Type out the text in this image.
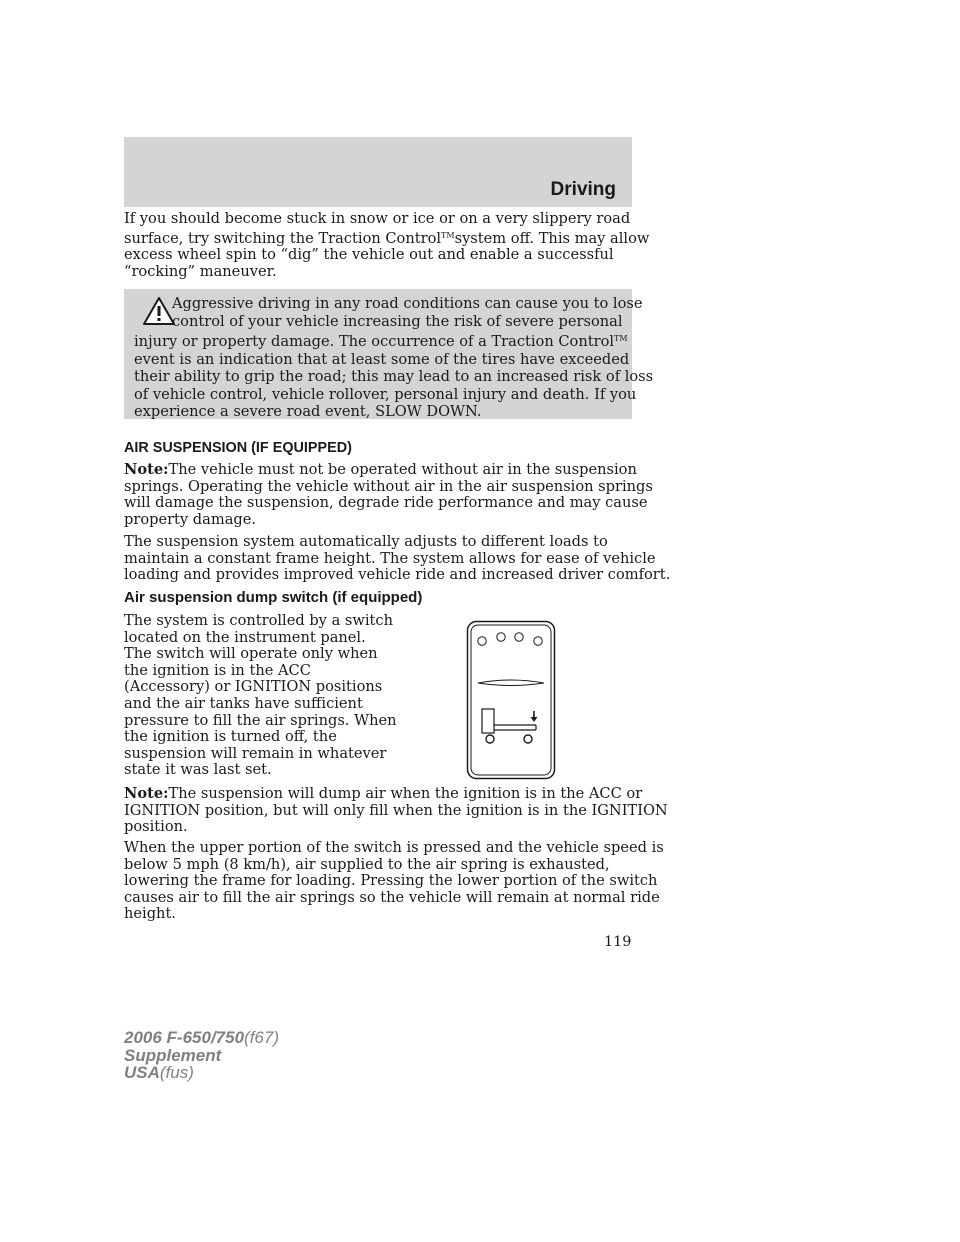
Driving

If you should become stuck in snow or ice or on a very slippery road
surface, try switching the Traction Control™system off. This may allow
excess wheel spin to “dig” the vehicle out and enable a successful
“rocking” maneuver.

Aggressive driving in any road conditions can cause you to lose
control of your vehicle increasing the risk of severe personal
injury or property damage. The occurrence of a Traction Control™
event is an indication that at least some of the tires have exceeded
their ability to grip the road; this may lead to an increased risk of loss
of vehicle control, vehicle rollover, personal injury and death. If you
experience a severe road event, SLOW DOWN.
AIR SUSPENSION (IF EQUIPPED)

Note:The vehicle must not be operated without air in the suspension
springs. Operating the vehicle without air in the air suspension springs
will damage the suspension, degrade ride performance and may cause
property damage.

The suspension system automatically adjusts to different loads to
maintain a constant frame height. The system allows for ease of vehicle
loading and provides improved vehicle ride and increased driver comfort.

Air suspension dump switch (if equipped)

The system is controlled by a switch
located on the instrument panel.
The switch will operate only when
the ignition is in the ACC
(Accessory) or IGNITION positions
and the air tanks have sufficient
pressure to fill the air springs. When
the ignition is turned off, the
suspension will remain in whatever
state it was last set.

Note:The suspension will dump air when the ignition is in the ACC or
IGNITION position, but will only fill when the ignition is in the IGNITION
position.

When the upper portion of the switch is pressed and the vehicle speed is
below 5 mph (8 km/h), air supplied to the air spring is exhausted,
lowering the frame for loading. Pressing the lower portion of the switch
causes air to fill the air springs so the vehicle will remain at normal ride
height.

119
2006 F-650/750(f67)
Supplement
USA(fus)
